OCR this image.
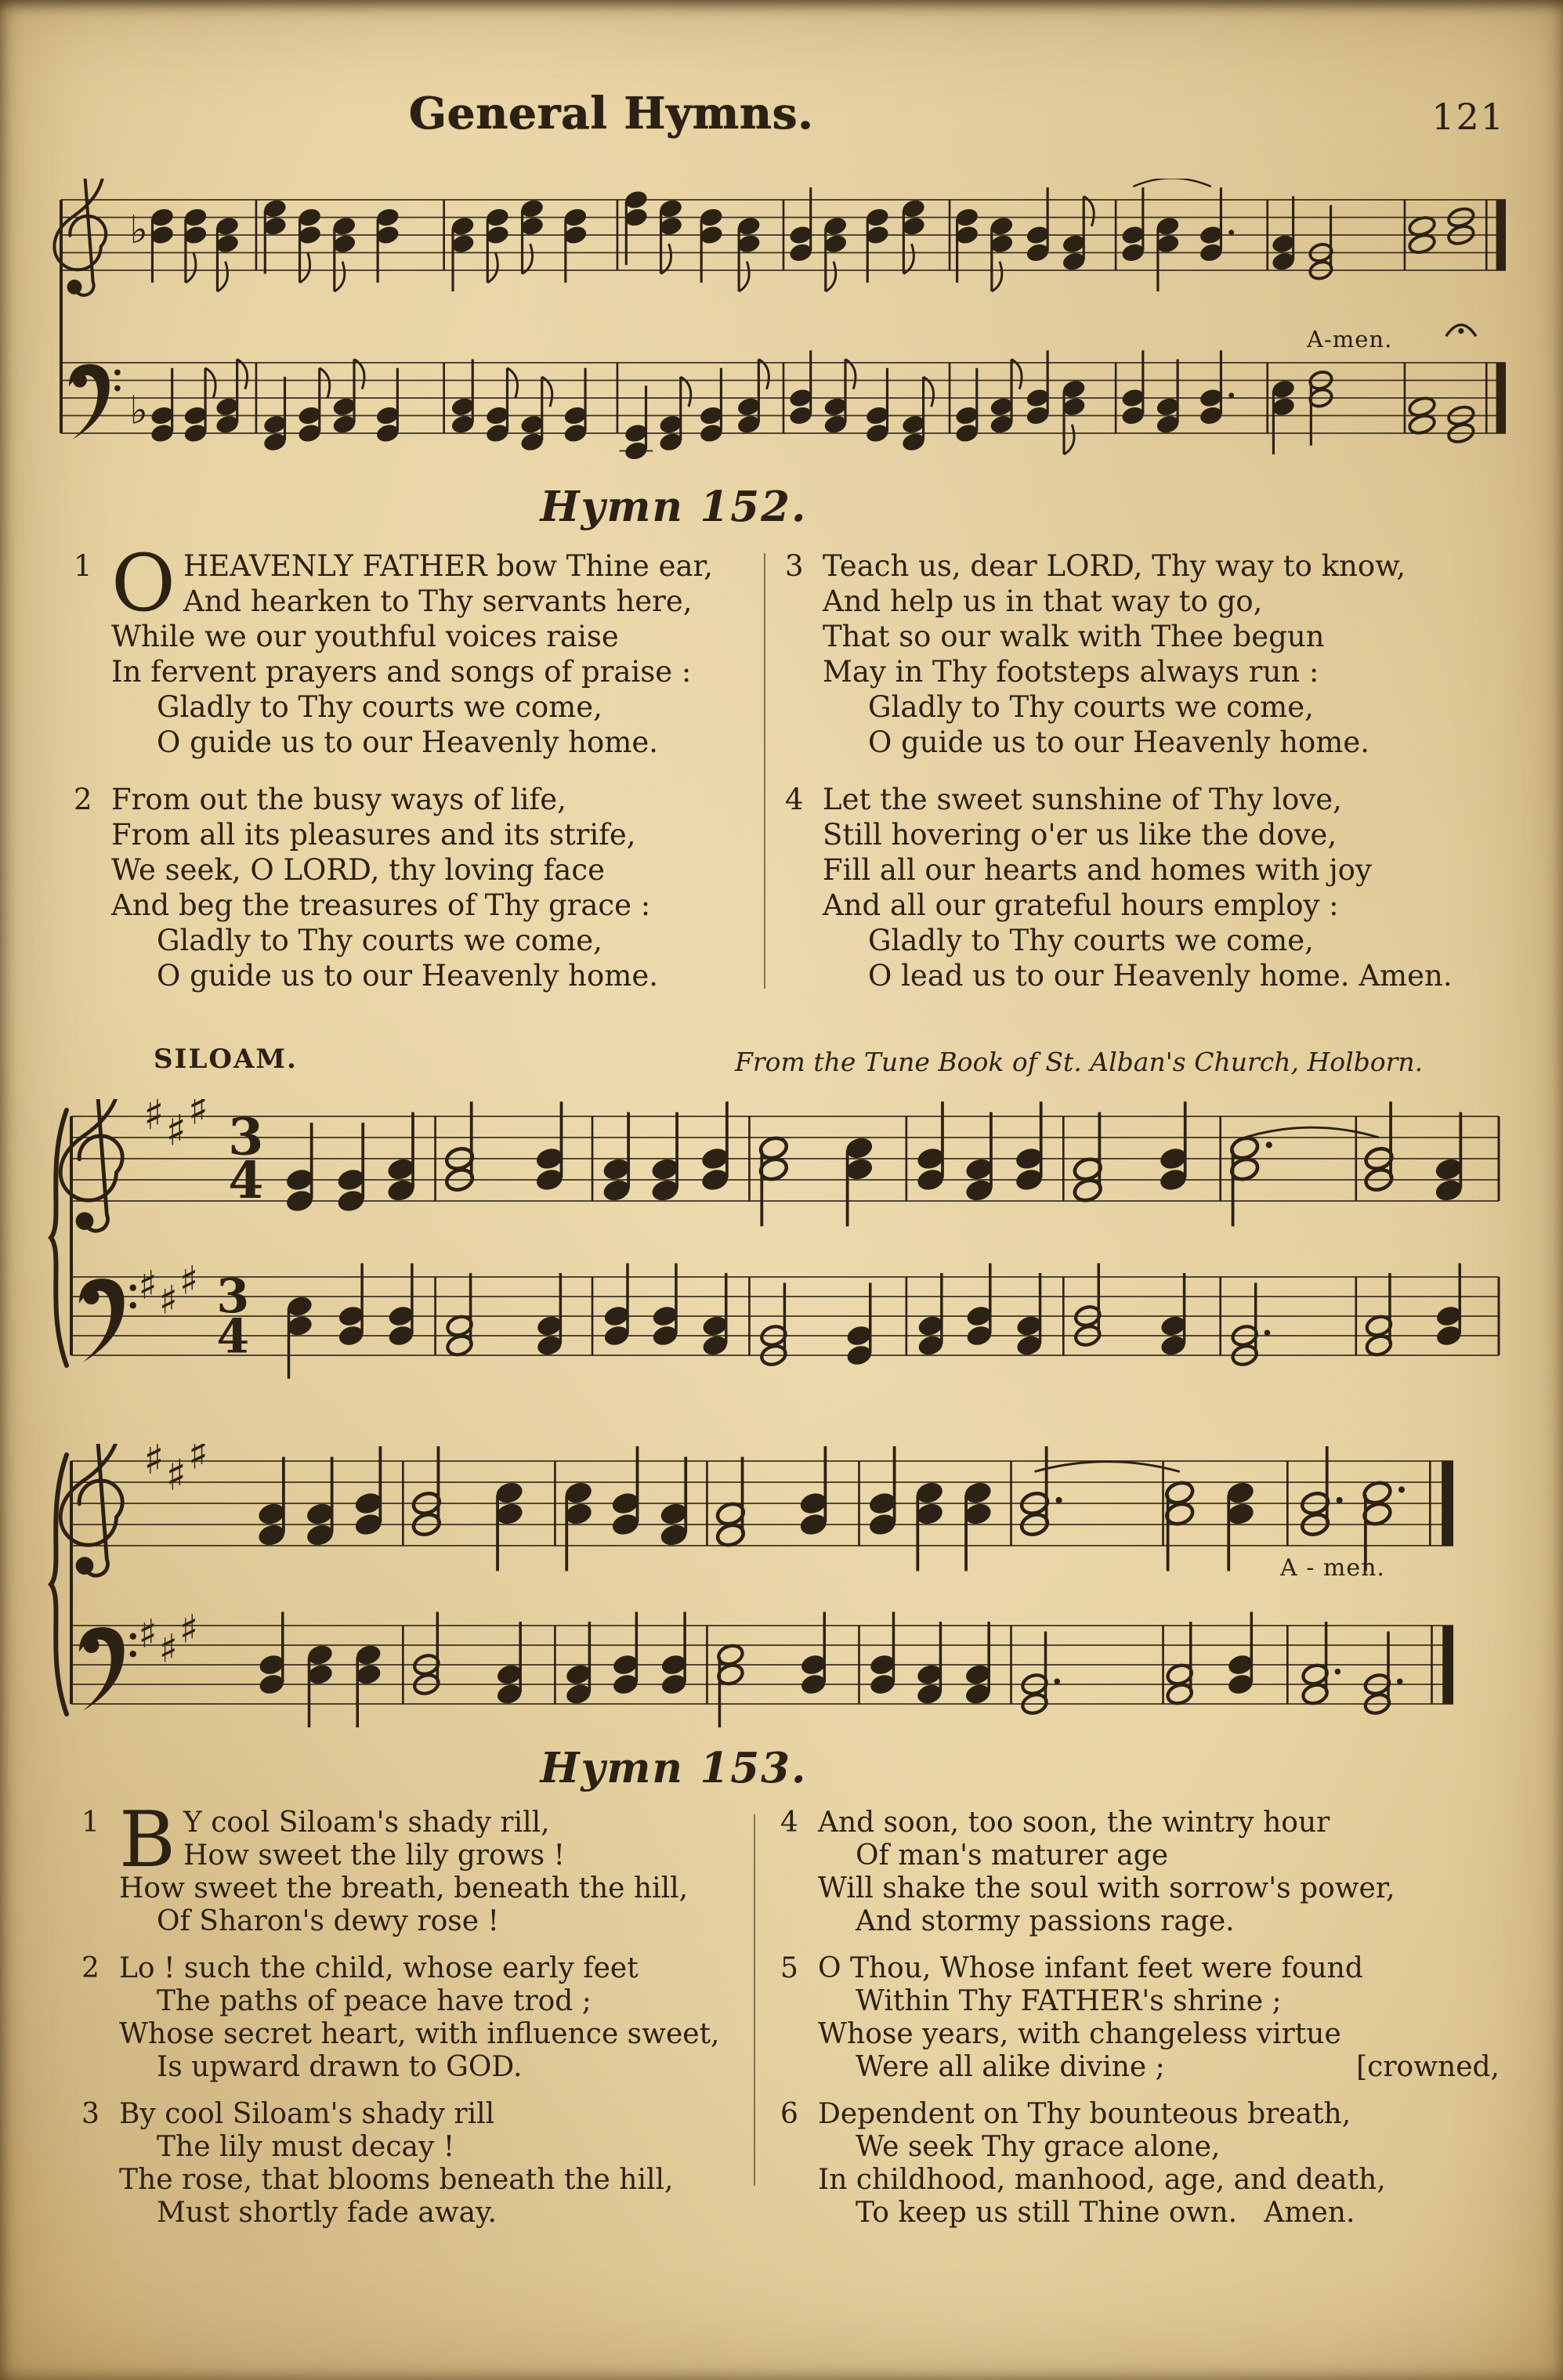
General Hymns.	121
♭
♭
A-men.
Hymn 152.
1 O HEAVENLY FATHER bow Thine ear,
And hearken to Thy servants here,
While we our youthful voices raise
In fervent prayers and songs of praise :
Gladly to Thy courts we come,
O guide us to our Heavenly home.
2 From out the busy ways of life,
From all its pleasures and its strife,
We seek, O LORD, thy loving face
And beg the treasures of Thy grace :
Gladly to Thy courts we come,
O guide us to our Heavenly home.
3 Teach us, dear LORD, Thy way to know,
And help us in that way to go,
That so our walk with Thee begun
May in Thy footsteps always run :
Gladly to Thy courts we come,
O guide us to our Heavenly home.
4 Let the sweet sunshine of Thy love,
Still hovering o'er us like the dove,
Fill all our hearts and homes with joy
And all our grateful hours employ :
Gladly to Thy courts we come,
O lead us to our Heavenly home. Amen.
SILOAM.	From the Tune Book of St. Alban's Church, Holborn.
♯ ♯ ♯ 3
4
♯ ♯ ♯ 3
4
♯ ♯ ♯
♯ ♯ ♯
A - men.
Hymn 153.
1 B Y cool Siloam's shady rill,
How sweet the lily grows !
How sweet the breath, beneath the hill,
Of Sharon's dewy rose !
2 Lo ! such the child, whose early feet
The paths of peace have trod ;
Whose secret heart, with influence sweet,
Is upward drawn to GOD.
3 By cool Siloam's shady rill
The lily must decay !
The rose, that blooms beneath the hill,
Must shortly fade away.
4 And soon, too soon, the wintry hour
Of man's maturer age
Will shake the soul with sorrow's power,
And stormy passions rage.
5 O Thou, Whose infant feet were found
Within Thy FATHER's shrine ;
Whose years, with changeless virtue
Were all alike divine ;	[crowned,
6 Dependent on Thy bounteous breath,
We seek Thy grace alone,
In childhood, manhood, age, and death,
To keep us still Thine own.   Amen.
